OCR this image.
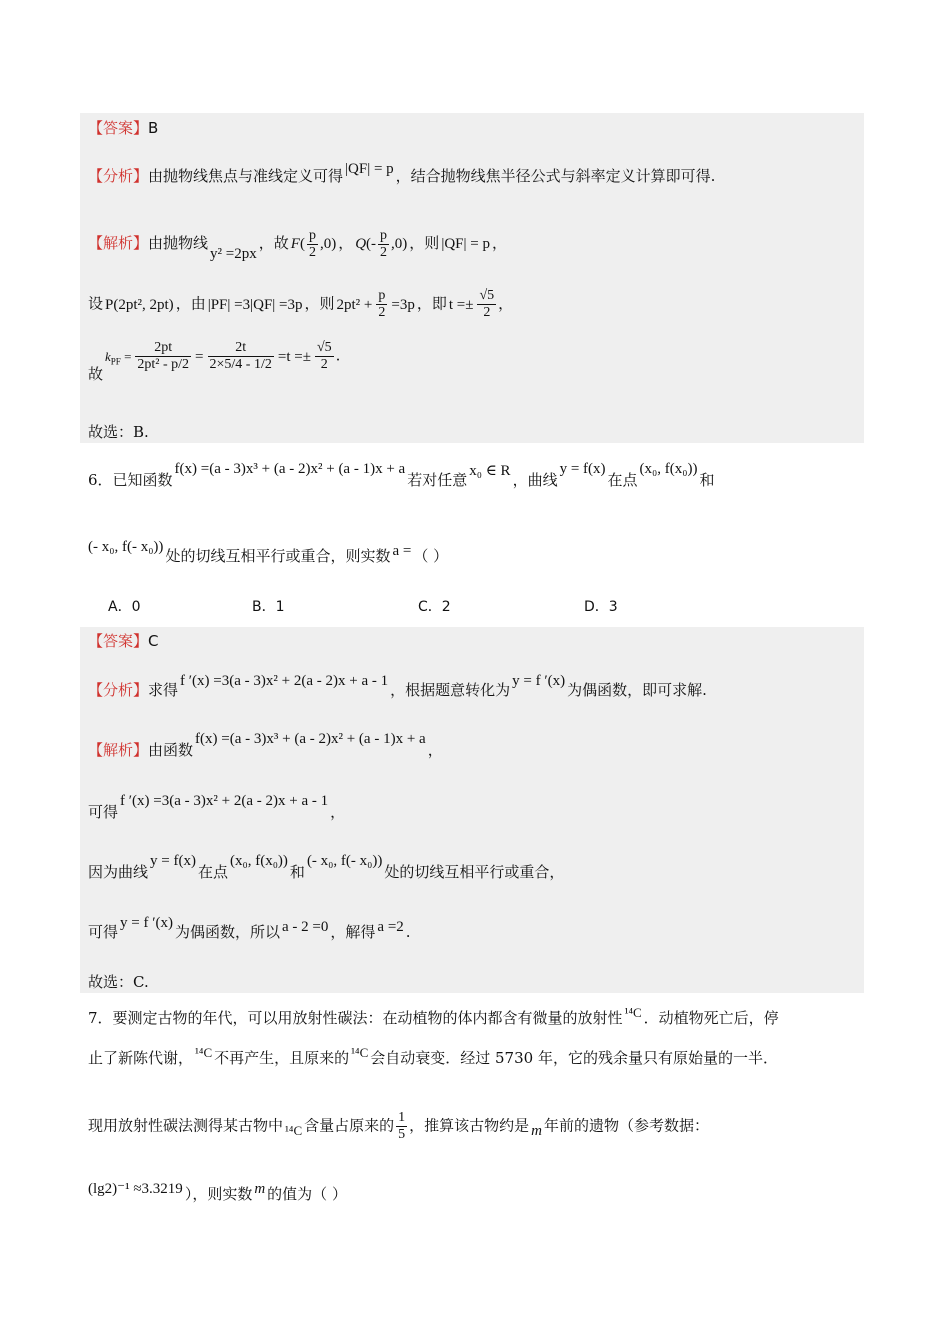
【答案】B
【分析】由抛物线焦点与准线定义可得 |QF| = p ，结合抛物线焦半径公式与斜率定义计算即可得.
【解析】由抛物线y² =2px，故 $F( \frac{p}{2} ,0)$ ， $Q(- \frac{p}{2} ,0)$ ，则 |QF| = p ，
设 P(2pt², 2pt) ，由 |PF| =3|QF| =3p ，则 $2pt^2 + \frac{p}{2} =3p$ ，即 $t =\pm \frac{√5}{2}$ ，
故$k_{PF} = \frac{2pt}{\text{2pt² - p/2}} = \frac{2t}{2\times 5/4 - 1/2} =t =\pm \frac{√5}{2}$ .
故选：B.
6．已知函数f(x) =(a - 3)x³ + (a - 2)x² + (a - 1)x + a若对任意 x₀ ∈ R ，曲线y = f(x)在点(x₀, f(x₀))和
(- x₀, f(- x₀)) 处的切线互相平行或重合，则实数 a = （ ）
A．0	B．1	C．2	D．3
【答案】C
【分析】求得 f ′(x) =3(a - 3)x² + 2(a - 2)x + a - 1 ，根据题意转化为 y = f ′(x) 为偶函数，即可求解.
【解析】由函数f(x) =(a - 3)x³ + (a - 2)x² + (a - 1)x + a，
可得f ′(x) =3(a - 3)x² + 2(a - 2)x + a - 1，
因为曲线y = f(x)在点(x₀, f(x₀))和(- x₀, f(- x₀))处的切线互相平行或重合，
可得 y = f ′(x) 为偶函数，所以 a - 2 =0 ，解得 a =2 .
故选：C.
7．要测定古物的年代，可以用放射性碳法：在动植物的体内都含有微量的放射性 ¹⁴C ．动植物死亡后，停
止了新陈代谢， ¹⁴C 不再产生，且原来的 ¹⁴C 会自动衰变．经过 5730 年，它的残余量只有原始量的一半．
现用放射性碳法测得某古物中 ¹⁴C 含量占原来的 $\frac{1}{5}$ ，推算该古物约是 m 年前的遗物（参考数据：
(lg2)⁻¹ ≈3.3219 ），则实数 m 的值为（ ）
